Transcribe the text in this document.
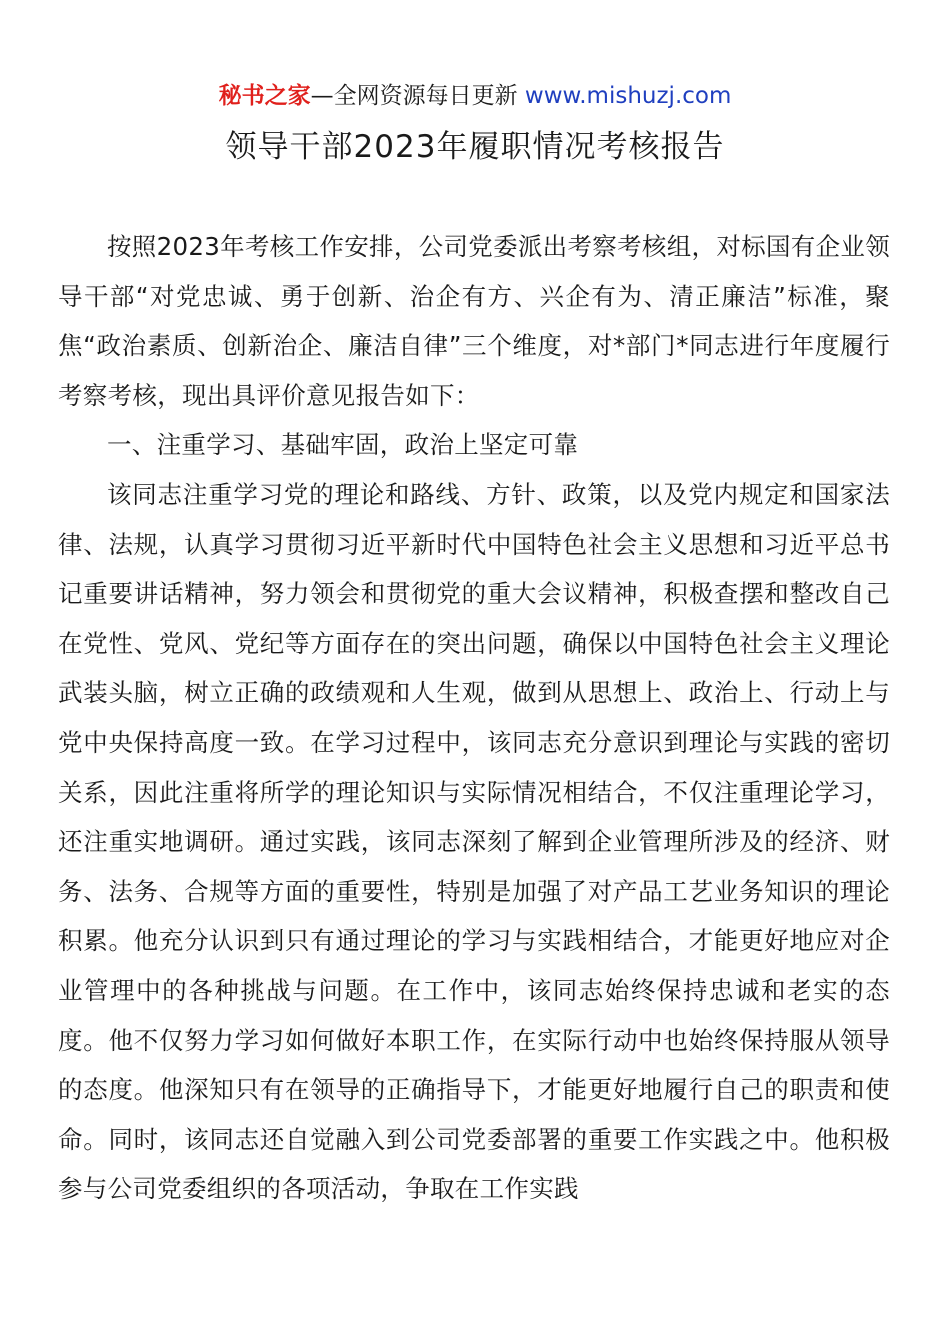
秘书之家—全网资源每日更新 www.mishuzj.com
领导干部2023年履职情况考核报告

按照2023年考核工作安排，公司党委派出考察考核组，对标国有企业领导干部“对党忠诚、勇于创新、治企有方、兴企有为、清正廉洁”标准，聚焦“政治素质、创新治企、廉洁自律”三个维度，对*部门*同志进行年度履行考察考核，现出具评价意见报告如下：

一、注重学习、基础牢固，政治上坚定可靠

该同志注重学习党的理论和路线、方针、政策，以及党内规定和国家法律、法规，认真学习贯彻习近平新时代中国特色社会主义思想和习近平总书记重要讲话精神，努力领会和贯彻党的重大会议精神，积极查摆和整改自己在党性、党风、党纪等方面存在的突出问题，确保以中国特色社会主义理论武装头脑，树立正确的政绩观和人生观，做到从思想上、政治上、行动上与党中央保持高度一致。在学习过程中，该同志充分意识到理论与实践的密切关系，因此注重将所学的理论知识与实际情况相结合，不仅注重理论学习，还注重实地调研。通过实践，该同志深刻了解到企业管理所涉及的经济、财务、法务、合规等方面的重要性，特别是加强了对产品工艺业务知识的理论积累。他充分认识到只有通过理论的学习与实践相结合，才能更好地应对企业管理中的各种挑战与问题。在工作中，该同志始终保持忠诚和老实的态度。他不仅努力学习如何做好本职工作，在实际行动中也始终保持服从领导的态度。他深知只有在领导的正确指导下，才能更好地履行自己的职责和使命。同时，该同志还自觉融入到公司党委部署的重要工作实践之中。他积极参与公司党委组织的各项活动，争取在工作实践
